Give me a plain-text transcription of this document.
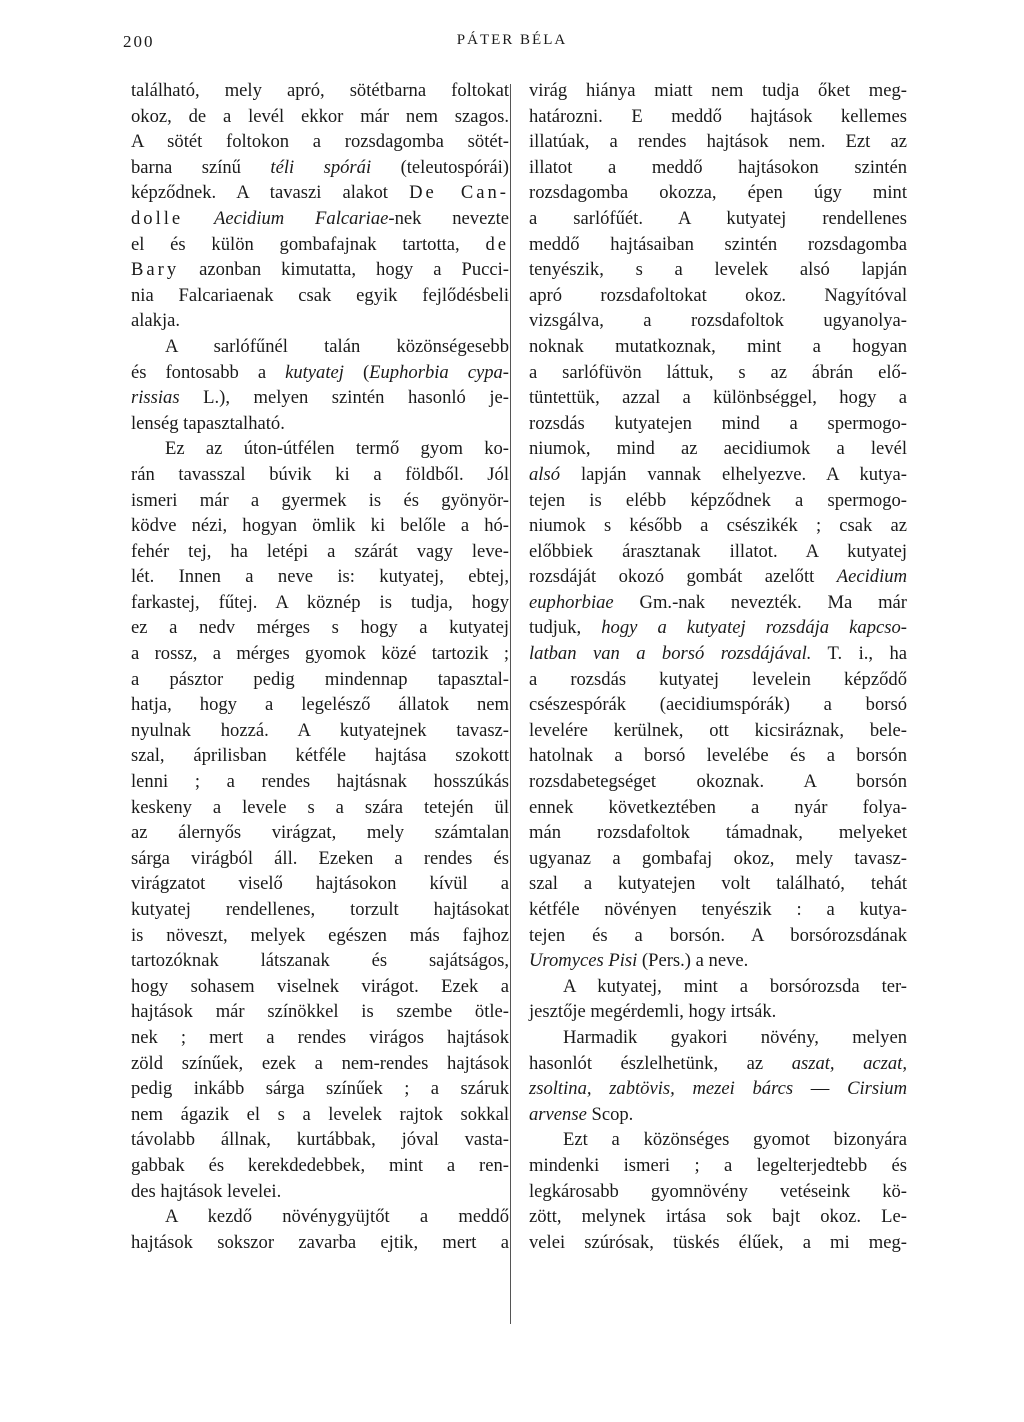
200	PÁTER BÉLA
található, mely apró, sötétbarna foltokat
okoz, de a levél ekkor már nem szagos.
A sötét foltokon a rozsdagomba sötét-
barna színű téli spórái (teleutospórái)
képződnek. A tavaszi alakot De Can-
dolle Aecidium Falcariae-nek nevezte
el és külön gombafajnak tartotta, de
Bary azonban kimutatta, hogy a Pucci-
nia Falcariaenak csak egyik fejlődésbeli
alakja.
A sarlófűnél talán közönségesebb
és fontosabb a kutyatej (Euphorbia cypa-
rissias L.), melyen szintén hasonló je-
lenség tapasztalható.
Ez az úton-útfélen termő gyom ko-
rán tavasszal búvik ki a földből. Jól
ismeri már a gyermek is és gyönyör-
ködve nézi, hogyan ömlik ki belőle a hó-
fehér tej, ha letépi a szárát vagy leve-
lét. Innen a neve is: kutyatej, ebtej,
farkastej, fűtej. A köznép is tudja, hogy
ez a nedv mérges s hogy a kutyatej
a rossz, a mérges gyomok közé tartozik ;
a pásztor pedig mindennap tapasztal-
hatja, hogy a legelésző állatok nem
nyulnak hozzá. A kutyatejnek tavasz-
szal, áprilisban kétféle hajtása szokott
lenni ; a rendes hajtásnak hosszúkás
keskeny a levele s a szára tetején ül
az álernyős virágzat, mely számtalan
sárga virágból áll. Ezeken a rendes és
virágzatot viselő hajtásokon kívül a
kutyatej rendellenes, torzult hajtásokat
is növeszt, melyek egészen más fajhoz
tartozóknak látszanak és sajátságos,
hogy sohasem viselnek virágot. Ezek a
hajtások már színökkel is szembe ötle-
nek ; mert a rendes virágos hajtások
zöld színűek, ezek a nem-rendes hajtások
pedig inkább sárga színűek ; a száruk
nem ágazik el s a levelek rajtok sokkal
távolabb állnak, kurtábbak, jóval vasta-
gabbak és kerekdedebbek, mint a ren-
des hajtások levelei.
A kezdő növénygyüjtőt a meddő
hajtások sokszor zavarba ejtik, mert a
virág hiánya miatt nem tudja őket meg-
határozni. E meddő hajtások kellemes
illatúak, a rendes hajtások nem. Ezt az
illatot a meddő hajtásokon szintén
rozsdagomba okozza, épen úgy mint
a sarlófűét. A kutyatej rendellenes
meddő hajtásaiban szintén rozsdagomba
tenyészik, s a levelek alsó lapján
apró rozsdafoltokat okoz. Nagyítóval
vizsgálva, a rozsdafoltok ugyanolya-
noknak mutatkoznak, mint a hogyan
a sarlófüvön láttuk, s az ábrán elő-
tüntettük, azzal a különbséggel, hogy a
rozsdás kutyatejen mind a spermogo-
niumok, mind az aecidiumok a levél
alsó lapján vannak elhelyezve. A kutya-
tejen is elébb képződnek a spermogo-
niumok s később a csészikék ; csak az
előbbiek árasztanak illatot. A kutyatej
rozsdáját okozó gombát azelőtt Aecidium
euphorbiae Gm.-nak nevezték. Ma már
tudjuk, hogy a kutyatej rozsdája kapcso-
latban van a borsó rozsdájával. T. i., ha
a rozsdás kutyatej levelein képződő
csészespórák (aecidiumspórák) a borsó
levelére kerülnek, ott kicsiráznak, bele-
hatolnak a borsó levelébe és a borsón
rozsdabetegséget okoznak. A borsón
ennek következtében a nyár folya-
mán rozsdafoltok támadnak, melyeket
ugyanaz a gombafaj okoz, mely tavasz-
szal a kutyatejen volt található, tehát
kétféle növényen tenyészik : a kutya-
tejen és a borsón. A borsórozsdának
Uromyces Pisi (Pers.) a neve.
A kutyatej, mint a borsórozsda ter-
jesztője megérdemli, hogy irtsák.
Harmadik gyakori növény, melyen
hasonlót észlelhetünk, az aszat, aczat,
zsoltina, zabtövis, mezei bárcs — Cirsium
arvense Scop.
Ezt a közönséges gyomot bizonyára
mindenki ismeri ; a legelterjedtebb és
legkárosabb gyomnövény vetéseink kö-
zött, melynek irtása sok bajt okoz. Le-
velei szúrósak, tüskés élűek, a mi meg-
